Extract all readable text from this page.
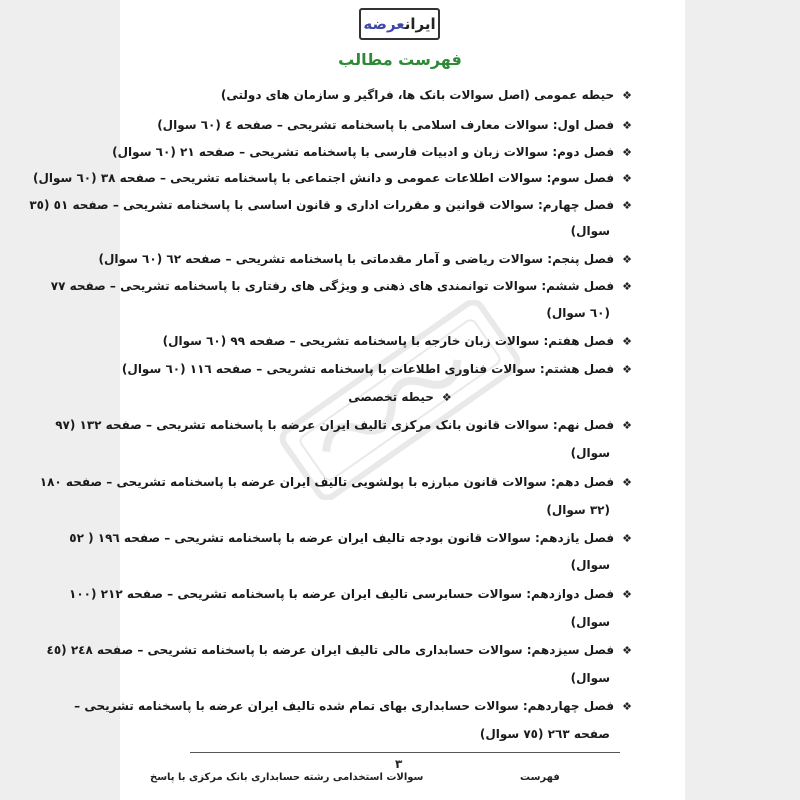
ایرانعرضه
فهرست مطالب
❖حیطه عمومی (اصل سوالات بانک ها، فراگیر و سازمان های دولتی)
❖فصل اول: سوالات معارف اسلامی با پاسخنامه تشریحی – صفحه ٤ (٦٠ سوال)
❖فصل دوم: سوالات زبان و ادبیات فارسی با پاسخنامه تشریحی – صفحه ٢١ (٦٠ سوال)
❖فصل سوم: سوالات اطلاعات عمومی و دانش اجتماعی با پاسخنامه تشریحی – صفحه ٣٨ (٦٠ سوال)
❖فصل چهارم: سوالات قوانین و مقررات اداری و قانون اساسی با پاسخنامه تشریحی – صفحه ٥١ (٣٥
سوال)
❖فصل پنجم: سوالات ریاضی و آمار مقدماتی با پاسخنامه تشریحی – صفحه ٦٢ (٦٠ سوال)
❖فصل ششم: سوالات توانمندی های ذهنی و ویژگی های رفتاری با پاسخنامه تشریحی – صفحه ٧٧
(٦٠ سوال)
❖فصل هفتم: سوالات زبان خارجه با پاسخنامه تشریحی – صفحه ٩٩ (٦٠ سوال)
❖فصل هشتم: سوالات فناوری اطلاعات با پاسخنامه تشریحی – صفحه ١١٦ (٦٠ سوال)
❖حیطه تخصصی
❖فصل نهم: سوالات قانون بانک مرکزی تالیف ایران عرضه با پاسخنامه تشریحی – صفحه ١٣٢ (٩٧
سوال)
❖فصل دهم: سوالات قانون مبارزه با پولشویی تالیف ایران عرضه با پاسخنامه تشریحی – صفحه ١٨٠
(٣٢ سوال)
❖فصل یازدهم: سوالات قانون بودجه تالیف ایران عرضه با پاسخنامه تشریحی – صفحه ١٩٦ ( ٥٢
سوال)
❖فصل دوازدهم: سوالات حسابرسی تالیف ایران عرضه با پاسخنامه تشریحی – صفحه ٢١٢ (١٠٠
سوال)
❖فصل سیزدهم: سوالات حسابداری مالی تالیف ایران عرضه با پاسخنامه تشریحی – صفحه ٢٤٨ (٤٥
سوال)
❖فصل چهاردهم: سوالات حسابداری بهای تمام شده تالیف ایران عرضه با پاسخنامه تشریحی –
صفحه ٢٦٣ (٧٥ سوال)
٣
سوالات استخدامی رشته حسابداری بانک مرکزی با پاسخ	فهرست
